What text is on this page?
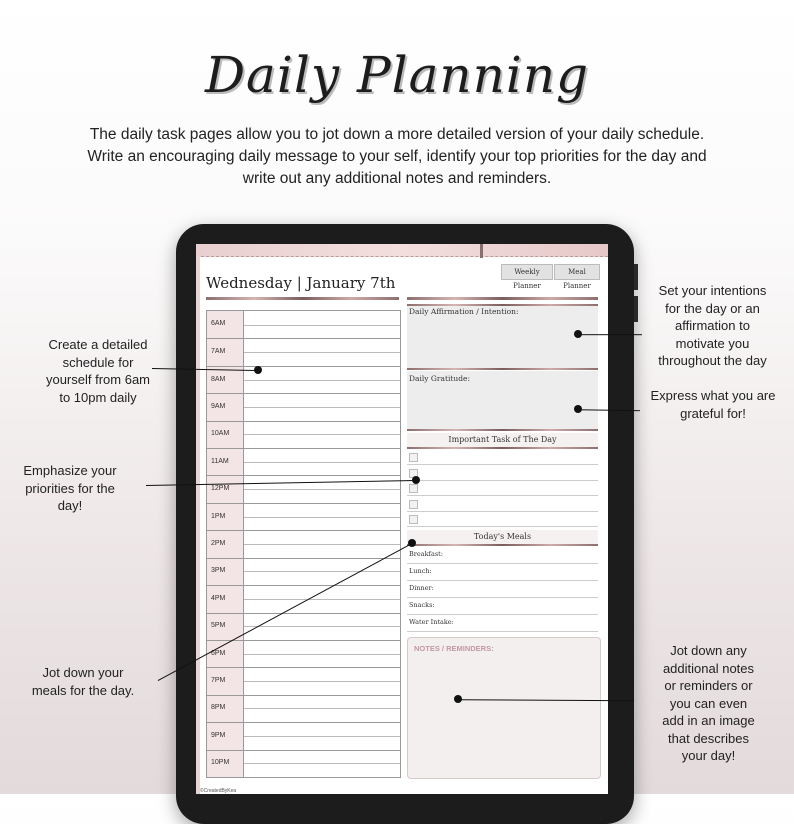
Daily Planning
The daily task pages allow you to jot down a more detailed version of your daily schedule.
Write an encouraging daily message to your self, identify your top priorities for the day and
write out any additional notes and reminders.
Weekly Planner
Meal Planner
Wednesday | January 7th
6AM
7AM
8AM
9AM
10AM
11AM
12PM
1PM
2PM
3PM
4PM
5PM
6PM
7PM
8PM
9PM
10PM
Daily Affirmation / Intention:
Daily Gratitude:
Important Task of The Day
Today's Meals
Breakfast:
Lunch:
Dinner:
Snacks:
Water Intake:
NOTES / REMINDERS:
©CreatedByKea
Create a detailed
schedule for
yourself from 6am
to 10pm daily
Emphasize your
priorities for the
day!
Jot down your
meals for the day.
Set your intentions
for the day or an
affirmation to
motivate you
throughout the day
Express what you are
grateful for!
Jot down any
additional notes
or reminders or
you can even
add in an image
that describes
your day!
